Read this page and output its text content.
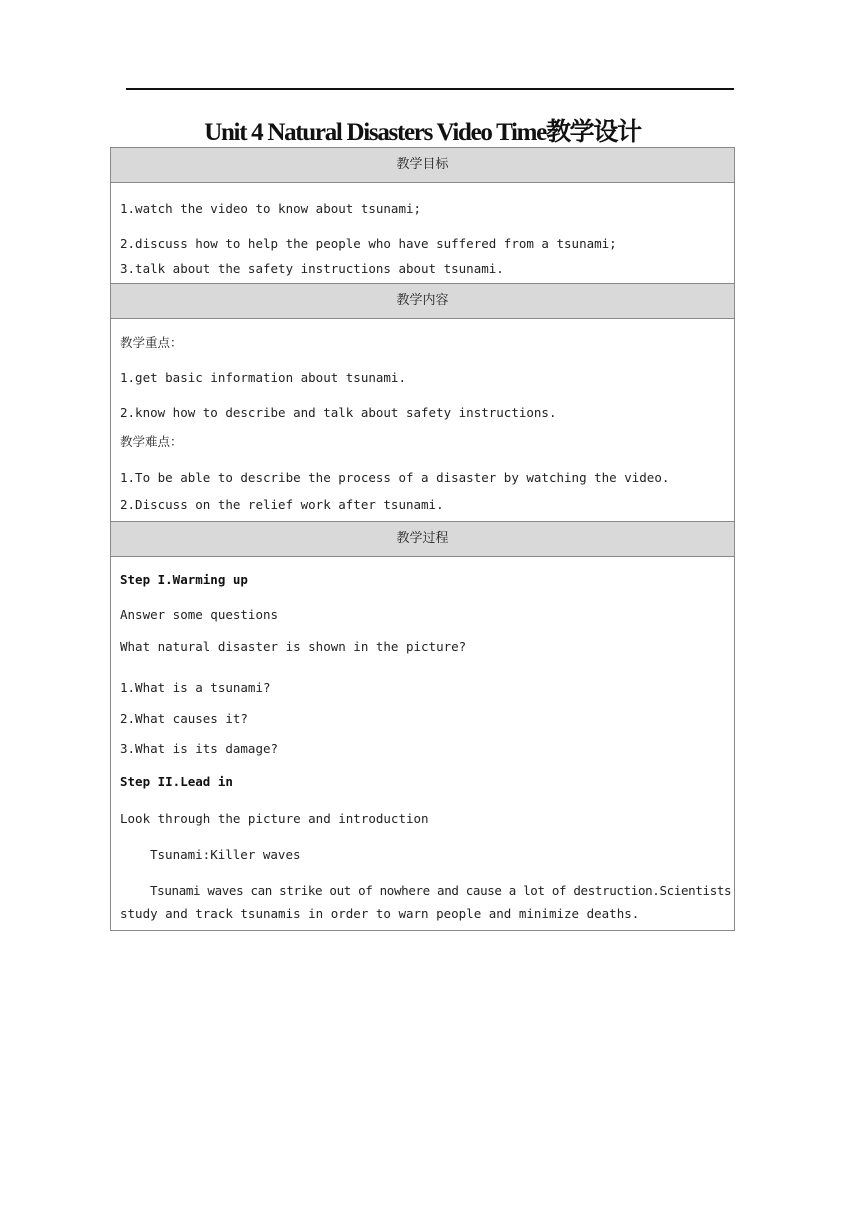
Unit 4 Natural Disasters Video Time教学设计
教学目标
1.watch the video to know about tsunami;
2.discuss how to help the people who have suffered from a tsunami;
3.talk about the safety instructions about tsunami.
教学内容
教学重点：
1.get basic information about tsunami.
2.know how to describe and talk about safety instructions.
教学难点：
1.To be able to describe the process of a disaster by watching the video.
2.Discuss on the relief work after tsunami.
教学过程
Step I.Warming up
Answer some questions
What natural disaster is shown in the picture?
1.What is a tsunami?
2.What causes it?
3.What is its damage?
Step II.Lead in
Look through the picture and introduction
Tsunami:Killer waves
Tsunami waves can strike out of nowhere and cause a lot of destruction.Scientists
study and track tsunamis in order to warn people and minimize deaths.
